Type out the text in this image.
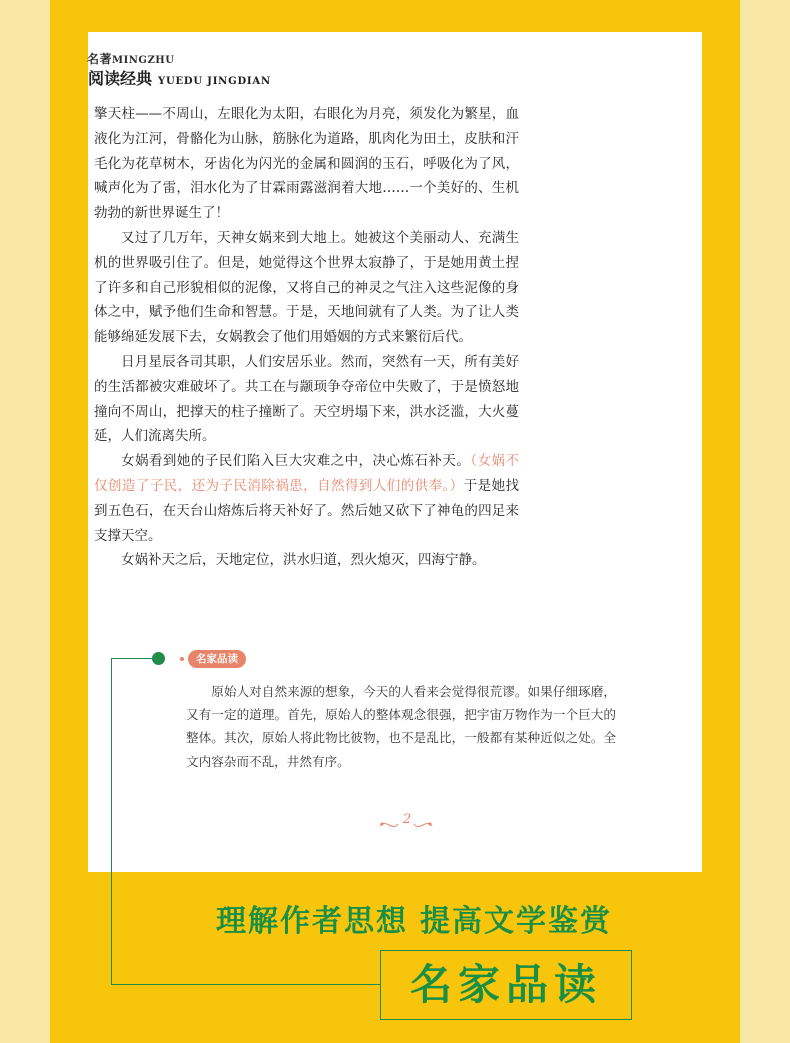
名著MINGZHU
阅读经典 YUEDU JINGDIAN

擎天柱——不周山，左眼化为太阳，右眼化为月亮，须发化为繁星，血液化为江河，骨骼化为山脉，筋脉化为道路，肌肉化为田土，皮肤和汗毛化为花草树木，牙齿化为闪光的金属和圆润的玉石，呼吸化为了风，喊声化为了雷，泪水化为了甘霖雨露滋润着大地……一个美好的、生机勃勃的新世界诞生了！

又过了几万年，天神女娲来到大地上。她被这个美丽动人、充满生机的世界吸引住了。但是，她觉得这个世界太寂静了，于是她用黄土捏了许多和自己形貌相似的泥像，又将自己的神灵之气注入这些泥像的身体之中，赋予他们生命和智慧。于是，天地间就有了人类。为了让人类能够绵延发展下去，女娲教会了他们用婚姻的方式来繁衍后代。

日月星辰各司其职，人们安居乐业。然而，突然有一天，所有美好的生活都被灾难破坏了。共工在与颛顼争夺帝位中失败了，于是愤怒地撞向不周山，把撑天的柱子撞断了。天空坍塌下来，洪水泛滥，大火蔓延，人们流离失所。

女娲看到她的子民们陷入巨大灾难之中，决心炼石补天。（女娲不仅创造了子民，还为子民消除祸患，自然得到人们的供奉。）于是她找到五色石，在天台山熔炼后将天补好了。然后她又砍下了神龟的四足来支撑天空。

女娲补天之后，天地定位，洪水归道，烈火熄灭，四海宁静。

名家品读

原始人对自然来源的想象，今天的人看来会觉得很荒谬。如果仔细琢磨，又有一定的道理。首先，原始人的整体观念很强，把宇宙万物作为一个巨大的整体。其次，原始人将此物比彼物，也不是乱比，一般都有某种近似之处。全文内容杂而不乱，井然有序。

2
理解作者思想 提高文学鉴赏
名家品读
